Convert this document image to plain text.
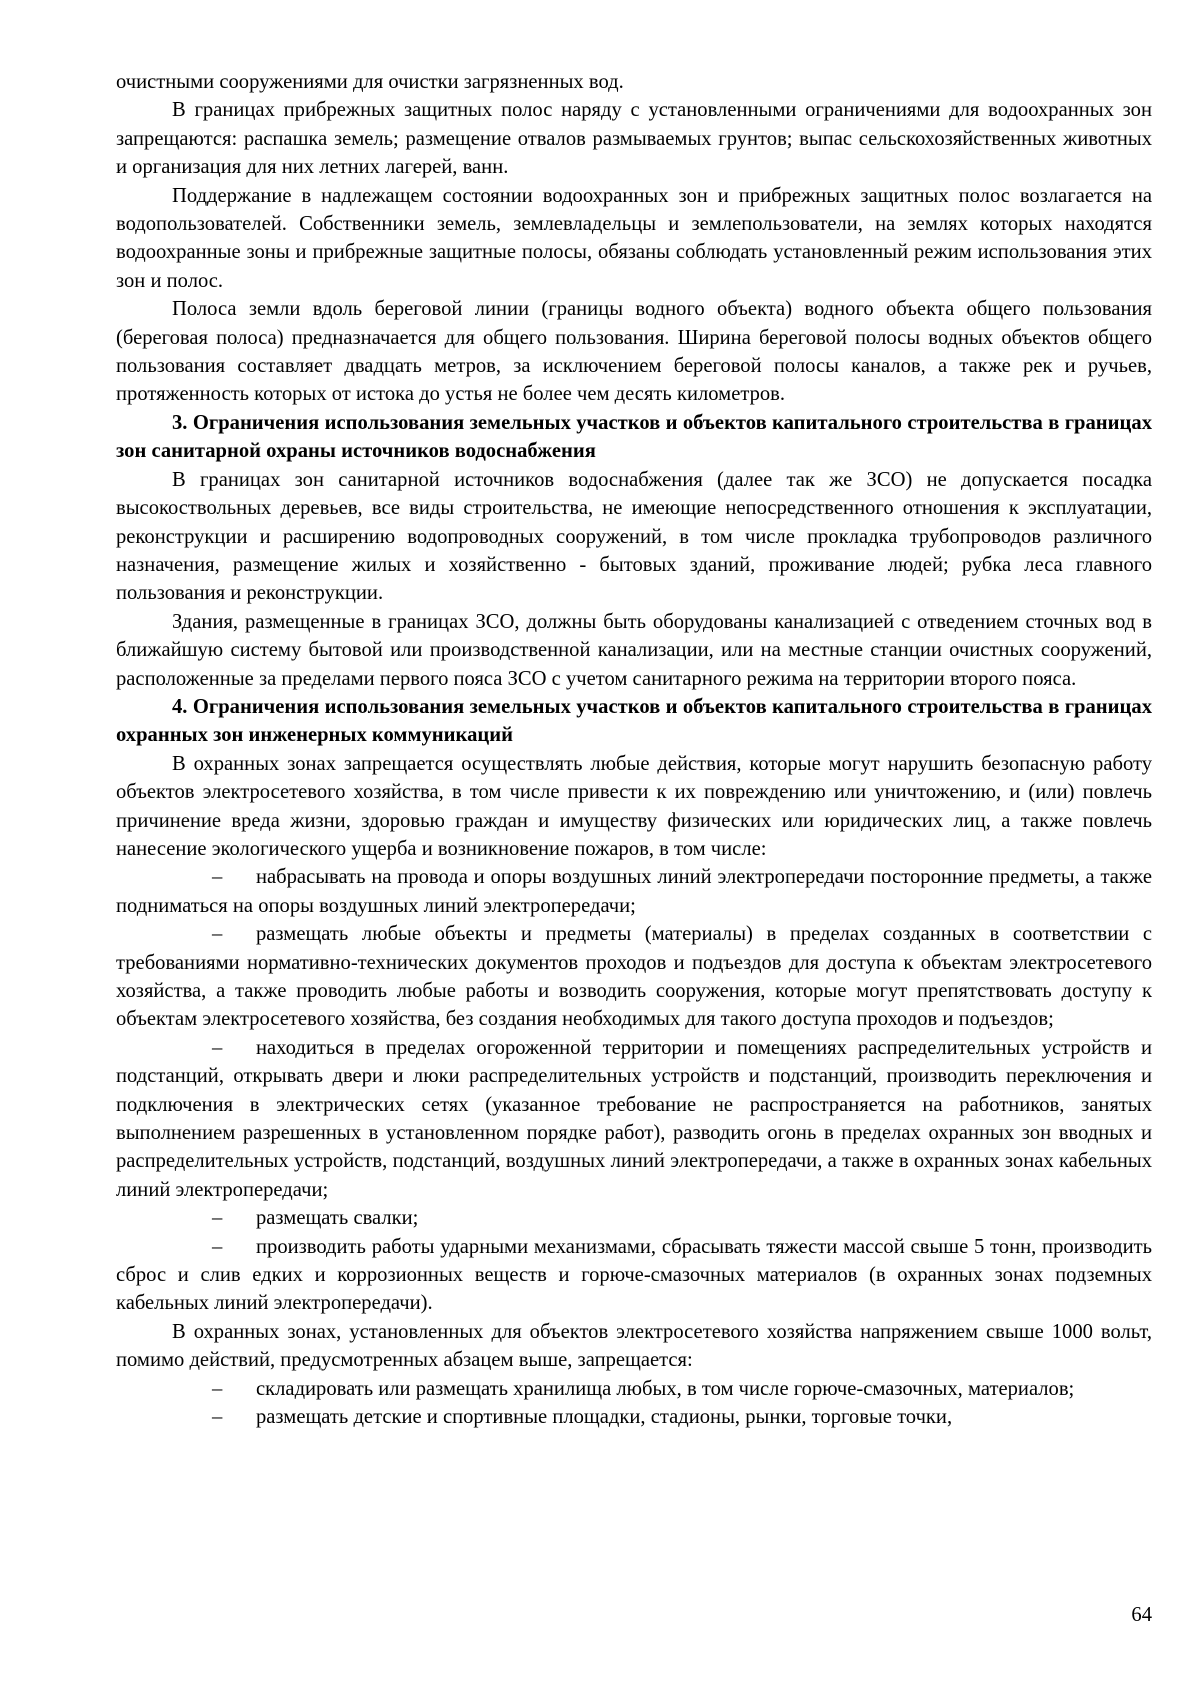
очистными сооружениями для очистки загрязненных вод.

В границах прибрежных защитных полос наряду с установленными ограничениями для водоохранных зон запрещаются: распашка земель; размещение отвалов размываемых грунтов; выпас сельскохозяйственных животных и организация для них летних лагерей, ванн.

Поддержание в надлежащем состоянии водоохранных зон и прибрежных защитных полос возлагается на водопользователей. Собственники земель, землевладельцы и землепользователи, на землях которых находятся водоохранные зоны и прибрежные защитные полосы, обязаны соблюдать установленный режим использования этих зон и полос.

Полоса земли вдоль береговой линии (границы водного объекта) водного объекта общего пользования (береговая полоса) предназначается для общего пользования. Ширина береговой полосы водных объектов общего пользования составляет двадцать метров, за исключением береговой полосы каналов, а также рек и ручьев, протяженность которых от истока до устья не более чем десять километров.

3. Ограничения использования земельных участков и объектов капитального строительства в границах зон санитарной охраны источников водоснабжения

В границах зон санитарной источников водоснабжения (далее так же ЗСО) не допускается посадка высокоствольных деревьев, все виды строительства, не имеющие непосредственного отношения к эксплуатации, реконструкции и расширению водопроводных сооружений, в том числе прокладка трубопроводов различного назначения, размещение жилых и хозяйственно - бытовых зданий, проживание людей; рубка леса главного пользования и реконструкции.

Здания, размещенные в границах ЗСО, должны быть оборудованы канализацией с отведением сточных вод в ближайшую систему бытовой или производственной канализации, или на местные станции очистных сооружений, расположенные за пределами первого пояса ЗСО с учетом санитарного режима на территории второго пояса.

4. Ограничения использования земельных участков и объектов капитального строительства в границах охранных зон инженерных коммуникаций

В охранных зонах запрещается осуществлять любые действия, которые могут нарушить безопасную работу объектов электросетевого хозяйства, в том числе привести к их повреждению или уничтожению, и (или) повлечь причинение вреда жизни, здоровью граждан и имуществу физических или юридических лиц, а также повлечь нанесение экологического ущерба и возникновение пожаров, в том числе:

– набрасывать на провода и опоры воздушных линий электропередачи посторонние предметы, а также подниматься на опоры воздушных линий электропередачи;

– размещать любые объекты и предметы (материалы) в пределах созданных в соответствии с требованиями нормативно-технических документов проходов и подъездов для доступа к объектам электросетевого хозяйства, а также проводить любые работы и возводить сооружения, которые могут препятствовать доступу к объектам электросетевого хозяйства, без создания необходимых для такого доступа проходов и подъездов;

– находиться в пределах огороженной территории и помещениях распределительных устройств и подстанций, открывать двери и люки распределительных устройств и подстанций, производить переключения и подключения в электрических сетях (указанное требование не распространяется на работников, занятых выполнением разрешенных в установленном порядке работ), разводить огонь в пределах охранных зон вводных и распределительных устройств, подстанций, воздушных линий электропередачи, а также в охранных зонах кабельных линий электропередачи;

– размещать свалки;

– производить работы ударными механизмами, сбрасывать тяжести массой свыше 5 тонн, производить сброс и слив едких и коррозионных веществ и горюче-смазочных материалов (в охранных зонах подземных кабельных линий электропередачи).

В охранных зонах, установленных для объектов электросетевого хозяйства напряжением свыше 1000 вольт, помимо действий, предусмотренных абзацем выше, запрещается:

– складировать или размещать хранилища любых, в том числе горюче-смазочных, материалов;

– размещать детские и спортивные площадки, стадионы, рынки, торговые точки,

64
